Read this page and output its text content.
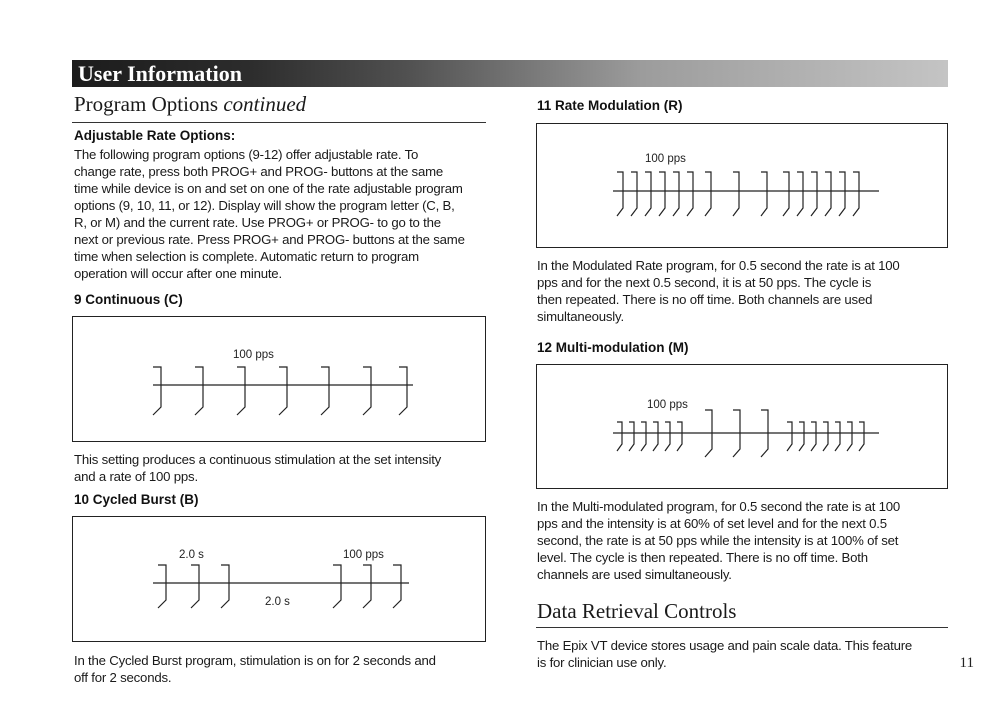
User Information
Program Options continued
Adjustable Rate Options:
The following program options (9-12) offer adjustable rate. To
change rate, press both PROG+ and PROG- buttons at the same
time while device is on and set on one of the rate adjustable program
options (9, 10, 11, or 12). Display will show the program letter (C, B,
R, or M) and the current rate. Use PROG+ or PROG- to go to the
next or previous rate. Press PROG+ and PROG- buttons at the same
time when selection is complete. Automatic return to program
operation will occur after one minute.
9 Continuous (C)
100 pps
This setting produces a continuous stimulation at the set intensity
and a rate of 100 pps.
10 Cycled Burst (B)
2.0 s	100 pps
2.0 s
In the Cycled Burst program, stimulation is on for 2 seconds and
off for 2 seconds.
11 Rate Modulation (R)
100 pps
In the Modulated Rate program, for 0.5 second the rate is at 100
pps and for the next 0.5 second, it is at 50 pps. The cycle is
then repeated. There is no off time. Both channels are used
simultaneously.
12 Multi-modulation (M)
100 pps
In the Multi-modulated program, for 0.5 second the rate is at 100
pps and the intensity is at 60% of set level and for the next 0.5
second, the rate is at 50 pps while the intensity is at 100% of set
level. The cycle is then repeated. There is no off time. Both
channels are used simultaneously.
Data Retrieval Controls
The Epix VT device stores usage and pain scale data. This feature
is for clinician use only.	11
